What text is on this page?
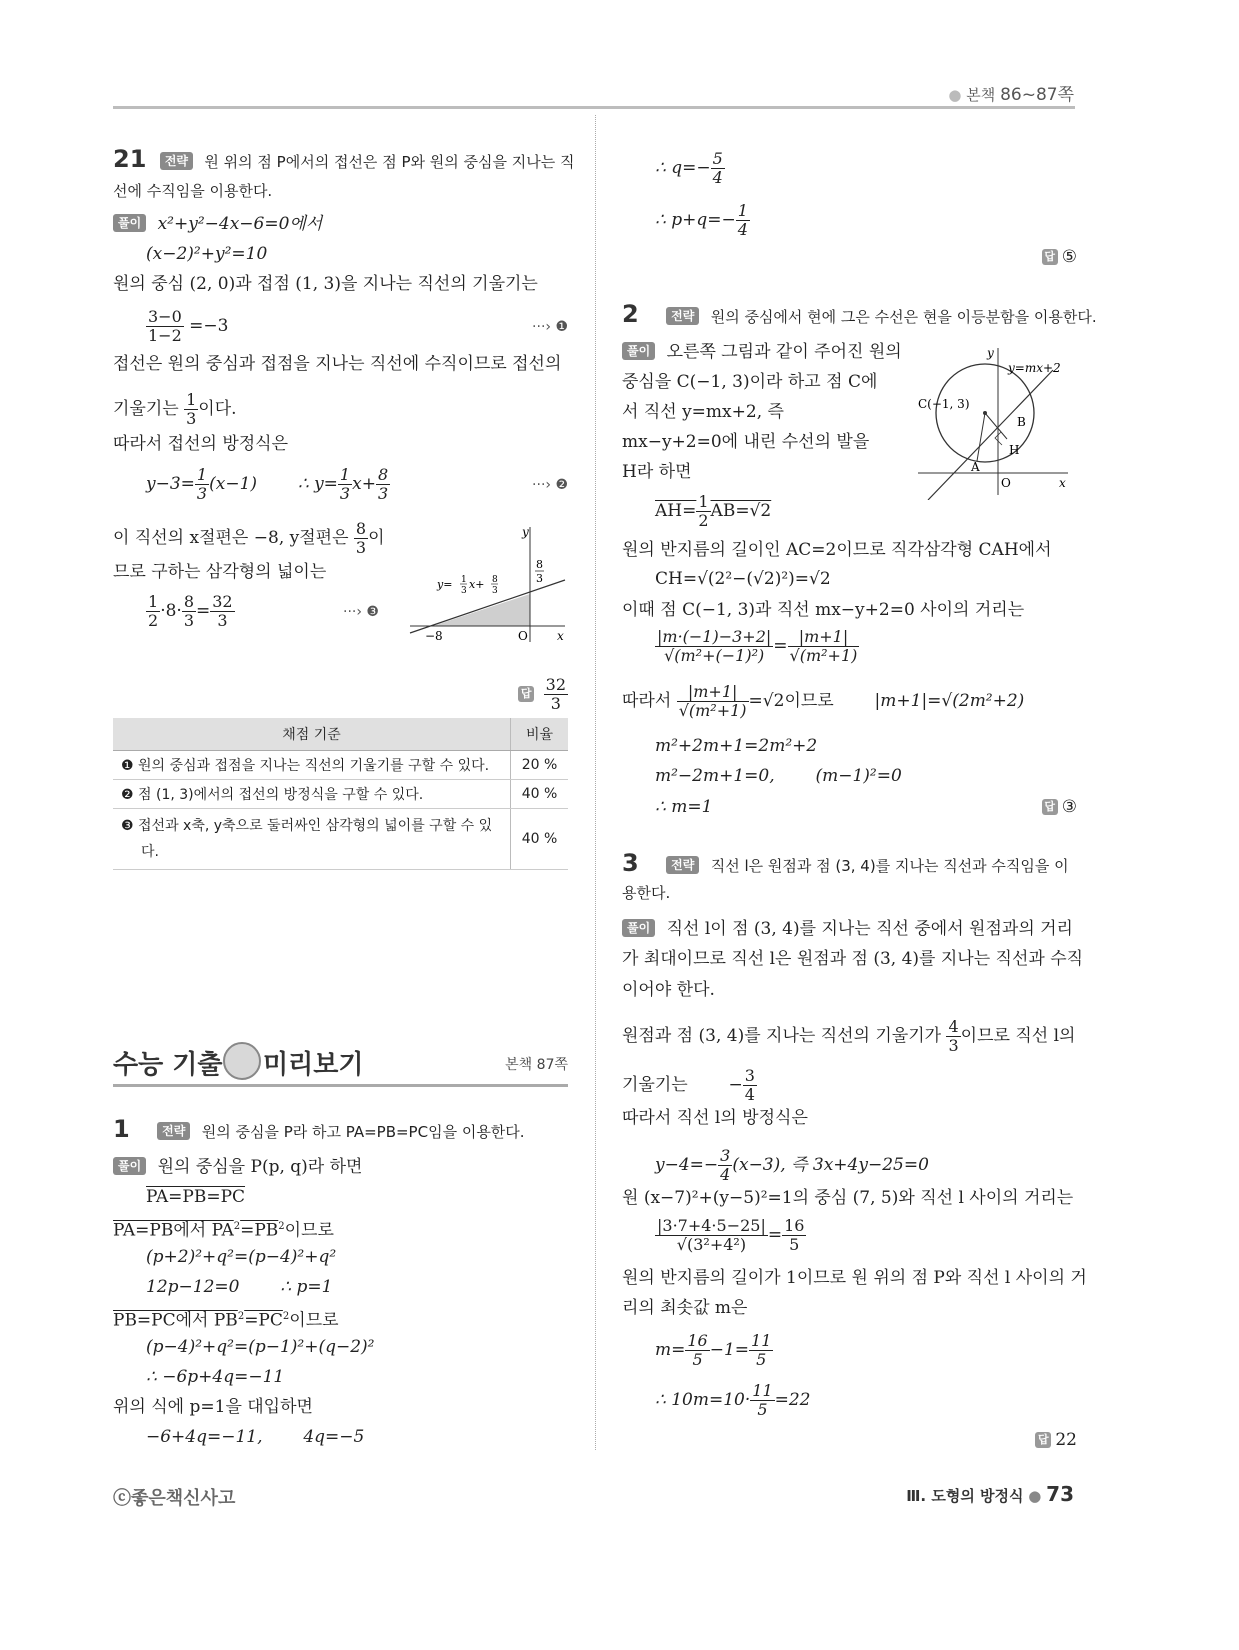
● 본책 86~87쪽
21 전략 원 위의 점 P에서의 접선은 점 P와 원의 중심을 지나는 직
선에 수직임을 이용한다.
풀이 x²+y²−4x−6=0에서
(x−2)²+y²=10
원의 중심 (2, 0)과 접점 (1, 3)을 지나는 직선의 기울기는
$\frac{3-0}{1-2} =-3$	···› ❶
접선은 원의 중심과 접점을 지나는 직선에 수직이므로 접선의
기울기는 $\frac{1}{3}$ 이다.
따라서 접선의 방정식은
$y-3= \frac{1}{3} (x-1)$ ∴ $y= \frac{1}{3} x+ \frac{8}{3}$	···› ❷
이 직선의 x절편은 −8, y절편은 $\frac{8}{3}$ 이
므로 구하는 삼각형의 넓이는
$\frac{1}{2} \cdot 8\cdot \frac{8}{3} = \frac{32}{3}$	···› ❸
답 $\frac{32}{3}$
y
x
O
−8
8
3
y= 1
3 x+ 8
3
채점 기준	비율
❶ 원의 중심과 접점을 지나는 직선의 기울기를 구할 수 있다.	20 %
❷ 점 (1, 3)에서의 접선의 방정식을 구할 수 있다.	40 %
❸ 접선과 x축, y축으로 둘러싸인 삼각형의 넓이를 구할 수 있
다.	40 %
수능 기출 미리보기	본책 87쪽
1	전략 원의 중심을 P라 하고 PA=PB=PC임을 이용한다.
풀이 원의 중심을 P(p, q)라 하면
PA=PB=PC
PA=PB에서 $PA^2=PB^2$이므로
(p+2)²+q²=(p−4)²+q²
12p−12=0 ∴ p=1
PB=PC에서 $PB^2=PC^2$이므로
(p−4)²+q²=(p−1)²+(q−2)²
∴ −6p+4q=−11
위의 식에 p=1을 대입하면
−6+4q=−11, 4q=−5
∴ $q=- \frac{5}{4}$
∴ $p+q=- \frac{1}{4}$
답 ⑤
2	전략 원의 중심에서 현에 그은 수선은 현을 이등분함을 이용한다.
풀이 오른쪽 그림과 같이 주어진 원의
중심을 C(−1, 3)이라 하고 점 C에
서 직선 y=mx+2, 즉
mx−y+2=0에 내린 수선의 발을
H라 하면
$AH= \frac{1}{2} AB=√2$
원의 반지름의 길이인 AC=2이므로 직각삼각형 CAH에서
CH=√(2²−(√2)²)=√2
이때 점 C(−1, 3)과 직선 mx−y+2=0 사이의 거리는
$\frac{|m\cdot(-1)-3+2|}{\text{√(m²+(−1)²)}} = \frac{|m+1|}{\text{√(m²+1)}}$
따라서 $\frac{|m+1|}{\text{√(m²+1)}} =√2$이므로 |m+1|=√(2m²+2)
m²+2m+1=2m²+2
m²−2m+1=0, (m−1)²=0
∴ m=1	답 ③
y
x
O
y=mx+2
C(−1, 3)
A
B
H
3	전략 직선 l은 원점과 점 (3, 4)를 지나는 직선과 수직임을 이
용한다.
풀이 직선 l이 점 (3, 4)를 지나는 직선 중에서 원점과의 거리
가 최대이므로 직선 l은 원점과 점 (3, 4)를 지나는 직선과 수직
이어야 한다.
원점과 점 (3, 4)를 지나는 직선의 기울기가 $\frac{4}{3}$ 이므로 직선 l의
기울기는 − $\frac{3}{4}$
따라서 직선 l의 방정식은
$y-4=- \frac{3}{4} (x-3)$, 즉 3x+4y−25=0
원 (x−7)²+(y−5)²=1의 중심 (7, 5)와 직선 l 사이의 거리는
$\frac{|3\cdot 7+4\cdot 5-25|}{\text{√(3²+4²)}} = \frac{16}{5}$
원의 반지름의 길이가 1이므로 원 위의 점 P와 직선 l 사이의 거
리의 최솟값 m은
$m= \frac{16}{5} -1= \frac{11}{5}$
∴ $10m=10\cdot \frac{11}{5} =22$
답 22
ⓒ좋은책신사고	Ⅲ. 도형의 방정식 ● 73
